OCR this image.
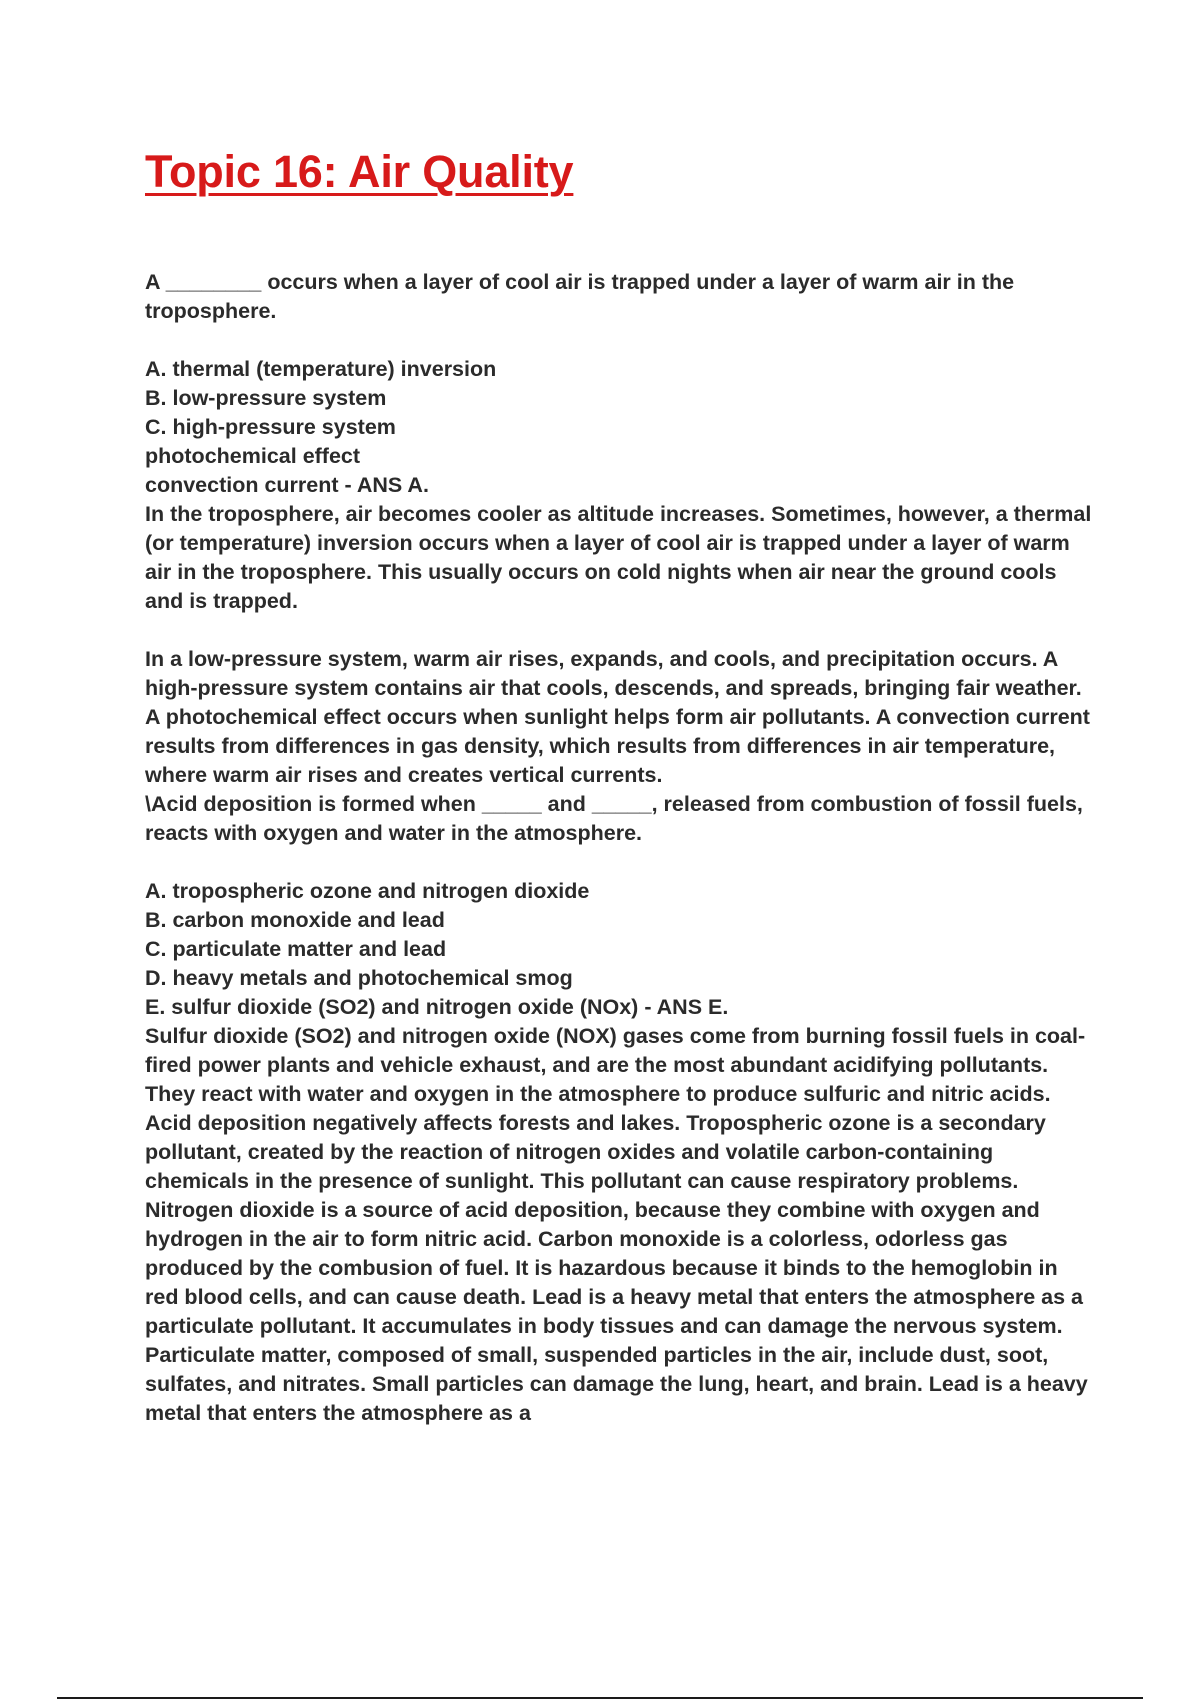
Topic 16: Air Quality

A ________ occurs when a layer of cool air is trapped under a layer of warm air in the
troposphere.

A. thermal (temperature) inversion

B. low-pressure system

C. high-pressure system

photochemical effect

convection current - ANS A.

In the troposphere, air becomes cooler as altitude increases. Sometimes, however, a thermal (or temperature) inversion occurs when a layer of cool air is trapped under a layer of warm air in the troposphere. This usually occurs on cold nights when air near the ground cools and is trapped.

In a low-pressure system, warm air rises, expands, and cools, and precipitation occurs. A high-pressure system contains air that cools, descends, and spreads, bringing fair weather. A photochemical effect occurs when sunlight helps form air pollutants. A convection current results from differences in gas density, which results from differences in air temperature, where warm air rises and creates vertical currents.

\Acid deposition is formed when _____ and _____, released from combustion of fossil fuels, reacts with oxygen and water in the atmosphere.

A. tropospheric ozone and nitrogen dioxide

B. carbon monoxide and lead

C. particulate matter and lead

D. heavy metals and photochemical smog

E. sulfur dioxide (SO2) and nitrogen oxide (NOx) - ANS E.

Sulfur dioxide (SO2) and nitrogen oxide (NOX) gases come from burning fossil fuels in coal-fired power plants and vehicle exhaust, and are the most abundant acidifying pollutants. They react with water and oxygen in the atmosphere to produce sulfuric and nitric acids. Acid deposition negatively affects forests and lakes. Tropospheric ozone is a secondary pollutant, created by the reaction of nitrogen oxides and volatile carbon-containing chemicals in the presence of sunlight. This pollutant can cause respiratory problems. Nitrogen dioxide is a source of acid deposition, because they combine with oxygen and hydrogen in the air to form nitric acid. Carbon monoxide is a colorless, odorless gas produced by the combusion of fuel. It is hazardous because it binds to the hemoglobin in red blood cells, and can cause death. Lead is a heavy metal that enters the atmosphere as a particulate pollutant. It accumulates in body tissues and can damage the nervous system. Particulate matter, composed of small, suspended particles in the air, include dust, soot, sulfates, and nitrates. Small particles can damage the lung, heart, and brain. Lead is a heavy metal that enters the atmosphere as a
